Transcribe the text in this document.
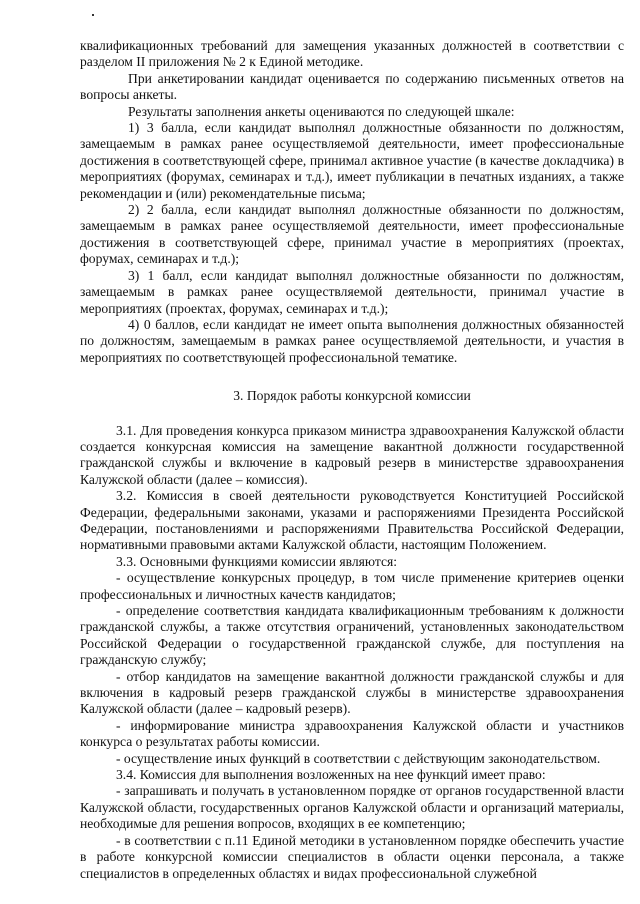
квалификационных требований для замещения указанных должностей в соответствии с разделом II приложения № 2 к Единой методике.

При анкетировании кандидат оценивается по содержанию письменных ответов на вопросы анкеты.

Результаты заполнения анкеты оцениваются по следующей шкале:

1) 3 балла, если кандидат выполнял должностные обязанности по должностям, замещаемым в рамках ранее осуществляемой деятельности, имеет профессиональные достижения в соответствующей сфере, принимал активное участие (в качестве докладчика) в мероприятиях (форумах, семинарах и т.д.), имеет публикации в печатных изданиях, а также рекомендации и (или) рекомендательные письма;

2) 2 балла, если кандидат выполнял должностные обязанности по должностям, замещаемым в рамках ранее осуществляемой деятельности, имеет профессиональные достижения в соответствующей сфере, принимал участие в мероприятиях (проектах, форумах, семинарах и т.д.);

3) 1 балл, если кандидат выполнял должностные обязанности по должностям, замещаемым в рамках ранее осуществляемой деятельности, принимал участие в мероприятиях (проектах, форумах, семинарах и т.д.);

4) 0 баллов, если кандидат не имеет опыта выполнения должностных обязанностей по должностям, замещаемым в рамках ранее осуществляемой деятельности, и участия в мероприятиях по соответствующей профессиональной тематике.

3. Порядок работы конкурсной комиссии

3.1. Для проведения конкурса приказом министра здравоохранения Калужской области создается конкурсная комиссия на замещение вакантной должности государственной гражданской службы и включение в кадровый резерв в министерстве здравоохранения Калужской области (далее – комиссия).

3.2. Комиссия в своей деятельности руководствуется Конституцией Российской Федерации, федеральными законами, указами и распоряжениями Президента Российской Федерации, постановлениями и распоряжениями Правительства Российской Федерации, нормативными правовыми актами Калужской области, настоящим Положением.

3.3. Основными функциями комиссии являются:

- осуществление конкурсных процедур, в том числе применение критериев оценки профессиональных и личностных качеств кандидатов;

- определение соответствия кандидата квалификационным требованиям к должности гражданской службы, а также отсутствия ограничений, установленных законодательством Российской Федерации о государственной гражданской службе, для поступления на гражданскую службу;

- отбор кандидатов на замещение вакантной должности гражданской службы и для включения в кадровый резерв гражданской службы в министерстве здравоохранения Калужской области (далее – кадровый резерв).

- информирование министра здравоохранения Калужской области и участников конкурса о результатах работы комиссии.

- осуществление иных функций в соответствии с действующим законодательством.

3.4. Комиссия для выполнения возложенных на нее функций имеет право:

- запрашивать и получать в установленном порядке от органов государственной власти Калужской области, государственных органов Калужской области и организаций материалы, необходимые для решения вопросов, входящих в ее компетенцию;

- в соответствии с п.11 Единой методики в установленном порядке обеспечить участие в работе конкурсной комиссии специалистов в области оценки персонала, а также специалистов в определенных областях и видах профессиональной служебной
